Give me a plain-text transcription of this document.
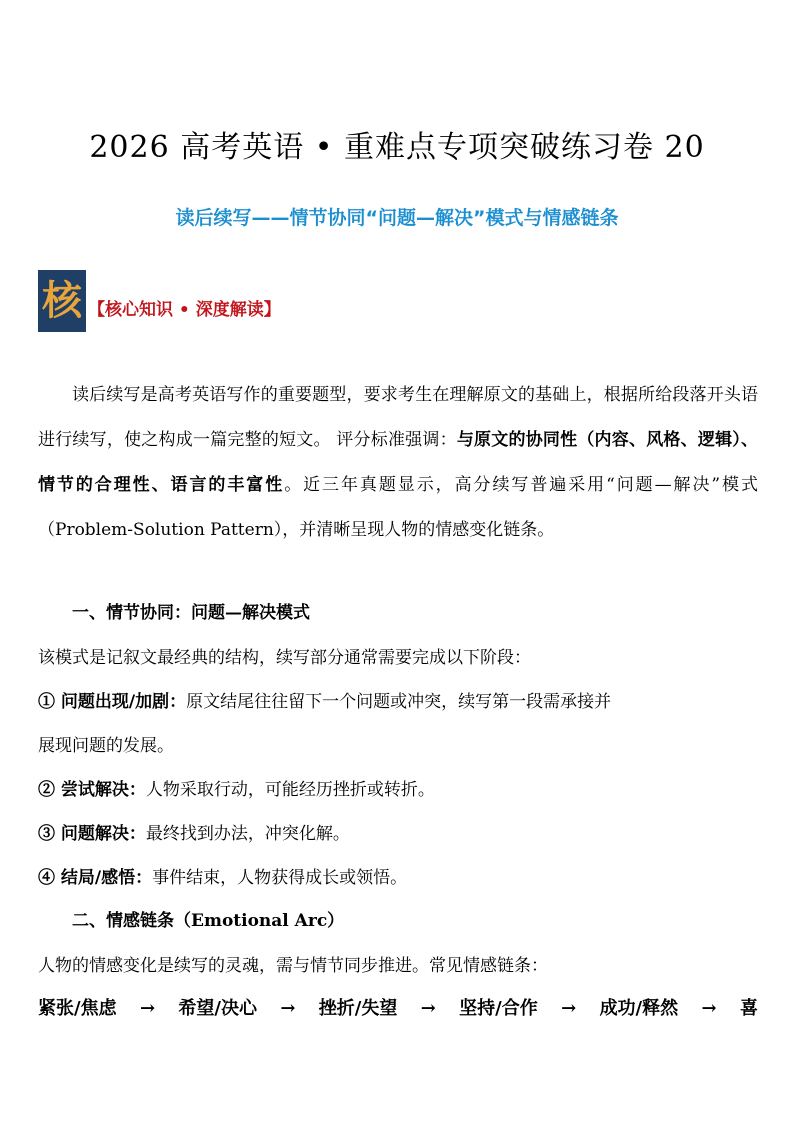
2026 高考英语 • 重难点专项突破练习卷 20
读后续写——情节协同“问题—解决”模式与情感链条
核 【核心知识 • 深度解读】
读后续写是高考英语写作的重要题型，要求考生在理解原文的基础上，根据所给段落开头语进行续写，使之构成一篇完整的短文。 评分标准强调：与原文的协同性（内容、风格、逻辑）、情节的合理性、语言的丰富性。近三年真题显示，高分续写普遍采用“问题—解决”模式（Problem-Solution Pattern），并清晰呈现人物的情感变化链条。
一、情节协同：问题—解决模式
该模式是记叙文最经典的结构，续写部分通常需要完成以下阶段：
① 问题出现/加剧：原文结尾往往留下一个问题或冲突，续写第一段需承接并
展现问题的发展。
② 尝试解决：人物采取行动，可能经历挫折或转折。
③ 问题解决：最终找到办法，冲突化解。
④ 结局/感悟：事件结束，人物获得成长或领悟。
二、情感链条（Emotional Arc）
人物的情感变化是续写的灵魂，需与情节同步推进。常见情感链条：
紧张/焦虑 → 希望/决心 → 挫折/失望 → 坚持/合作 → 成功/释然 → 喜
